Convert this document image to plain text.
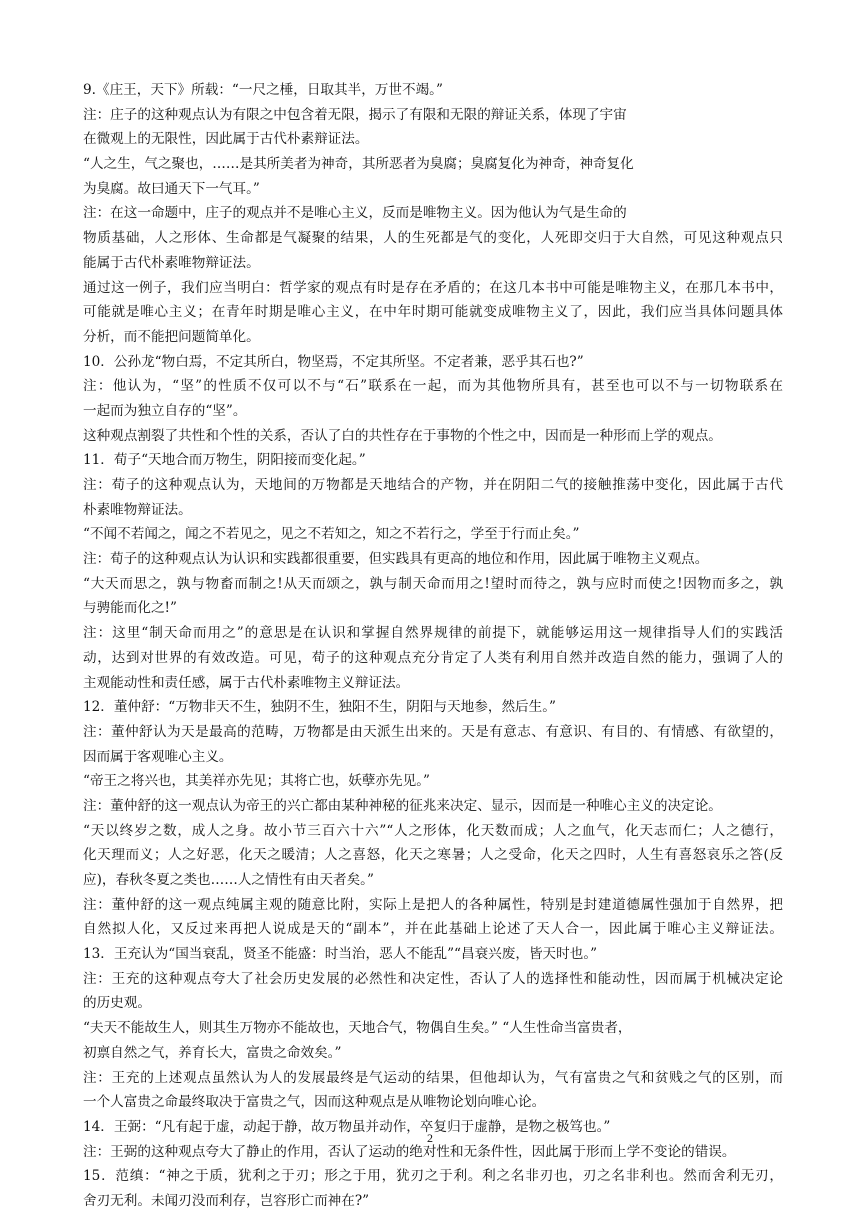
9.《庄王，天下》所载：“一尺之棰，日取其半，万世不竭。”
注：庄子的这种观点认为有限之中包含着无限，揭示了有限和无限的辩证关系，体现了宇宙
在微观上的无限性，因此属于古代朴素辩证法。
“人之生，气之聚也，……是其所美者为神奇，其所恶者为臭腐；臭腐复化为神奇，神奇复化
为臭腐。故曰通天下一气耳。”
注：在这一命题中，庄子的观点并不是唯心主义，反而是唯物主义。因为他认为气是生命的
物质基础，人之形体、生命都是气凝聚的结果，人的生死都是气的变化，人死即交归于大自然，可见这种观点只
能属于古代朴素唯物辩证法。
通过这一例子，我们应当明白：哲学家的观点有时是存在矛盾的；在这几本书中可能是唯物主义，在那几本书中，
可能就是唯心主义；在青年时期是唯心主义，在中年时期可能就变成唯物主义了，因此，我们应当具体问题具体
分析，而不能把问题简单化。
10．公孙龙“物白焉，不定其所白，物坚焉，不定其所坚。不定者兼，恶乎其石也?”
注：他认为，“坚”的性质不仅可以不与“石”联系在一起，而为其他物所具有，甚至也可以不与一切物联系在
一起而为独立自存的“坚”。
这种观点割裂了共性和个性的关系，否认了白的共性存在于事物的个性之中，因而是一种形而上学的观点。
11．荀子“天地合而万物生，阴阳接而变化起。”
注：荀子的这种观点认为，天地间的万物都是天地结合的产物，并在阴阳二气的接触推荡中变化，因此属于古代
朴素唯物辩证法。
“不闻不若闻之，闻之不若见之，见之不若知之，知之不若行之，学至于行而止矣。”
注：荀子的这种观点认为认识和实践都很重要，但实践具有更高的地位和作用，因此属于唯物主义观点。
“大天而思之，孰与物畜而制之!从天而颂之，孰与制天命而用之!望时而待之，孰与应时而使之!因物而多之，孰
与骋能而化之!”
注：这里“制天命而用之”的意思是在认识和掌握自然界规律的前提下，就能够运用这一规律指导人们的实践活
动，达到对世界的有效改造。可见，荀子的这种观点充分肯定了人类有利用自然并改造自然的能力，强调了人的
主观能动性和责任感，属于古代朴素唯物主义辩证法。
12．董仲舒：“万物非天不生，独阴不生，独阳不生，阴阳与天地参，然后生。”
注：董仲舒认为天是最高的范畴，万物都是由天派生出来的。天是有意志、有意识、有目的、有情感、有欲望的，
因而属于客观唯心主义。
“帝王之将兴也，其美祥亦先见；其将亡也，妖孽亦先见。”
注：董仲舒的这一观点认为帝王的兴亡都由某种神秘的征兆来决定、显示，因而是一种唯心主义的决定论。
“天以终岁之数，成人之身。故小节三百六十六”“人之形体，化天数而成；人之血气，化天志而仁；人之德行，
化天理而义；人之好恶，化天之暖清；人之喜怒，化天之寒暑；人之受命，化天之四时，人生有喜怒哀乐之答(反
应)，春秋冬夏之类也……人之情性有由天者矣。”
注：董仲舒的这一观点纯属主观的随意比附，实际上是把人的各种属性，特别是封建道德属性强加于自然界，把
自然拟人化，又反过来再把人说成是天的“副本”，并在此基础上论述了天人合一，因此属于唯心主义辩证法。
13．王充认为“国当衰乱，贤圣不能盛：时当治，恶人不能乱”“昌衰兴废，皆天时也。”
注：王充的这种观点夸大了社会历史发展的必然性和决定性，否认了人的选择性和能动性，因而属于机械决定论
的历史观。
“夫天不能故生人，则其生万物亦不能故也，天地合气，物偶自生矣。” “人生性命当富贵者，
初禀自然之气，养育长大，富贵之命效矣。”
注：王充的上述观点虽然认为人的发展最终是气运动的结果，但他却认为，气有富贵之气和贫贱之气的区别，而
一个人富贵之命最终取决于富贵之气，因而这种观点是从唯物论划向唯心论。
14．王弼：“凡有起于虚，动起于静，故万物虽并动作，卒复归于虚静，是物之极笃也。”
注：王弼的这种观点夸大了静止的作用，否认了运动的绝对性和无条件性，因此属于形而上学不变论的错误。
15．范缜：“神之于质，犹利之于刃；形之于用，犹刃之于利。利之名非刃也，刃之名非利也。然而舍利无刃，
舍刃无利。未闻刃没而利存，岂容形亡而神在?”
2
